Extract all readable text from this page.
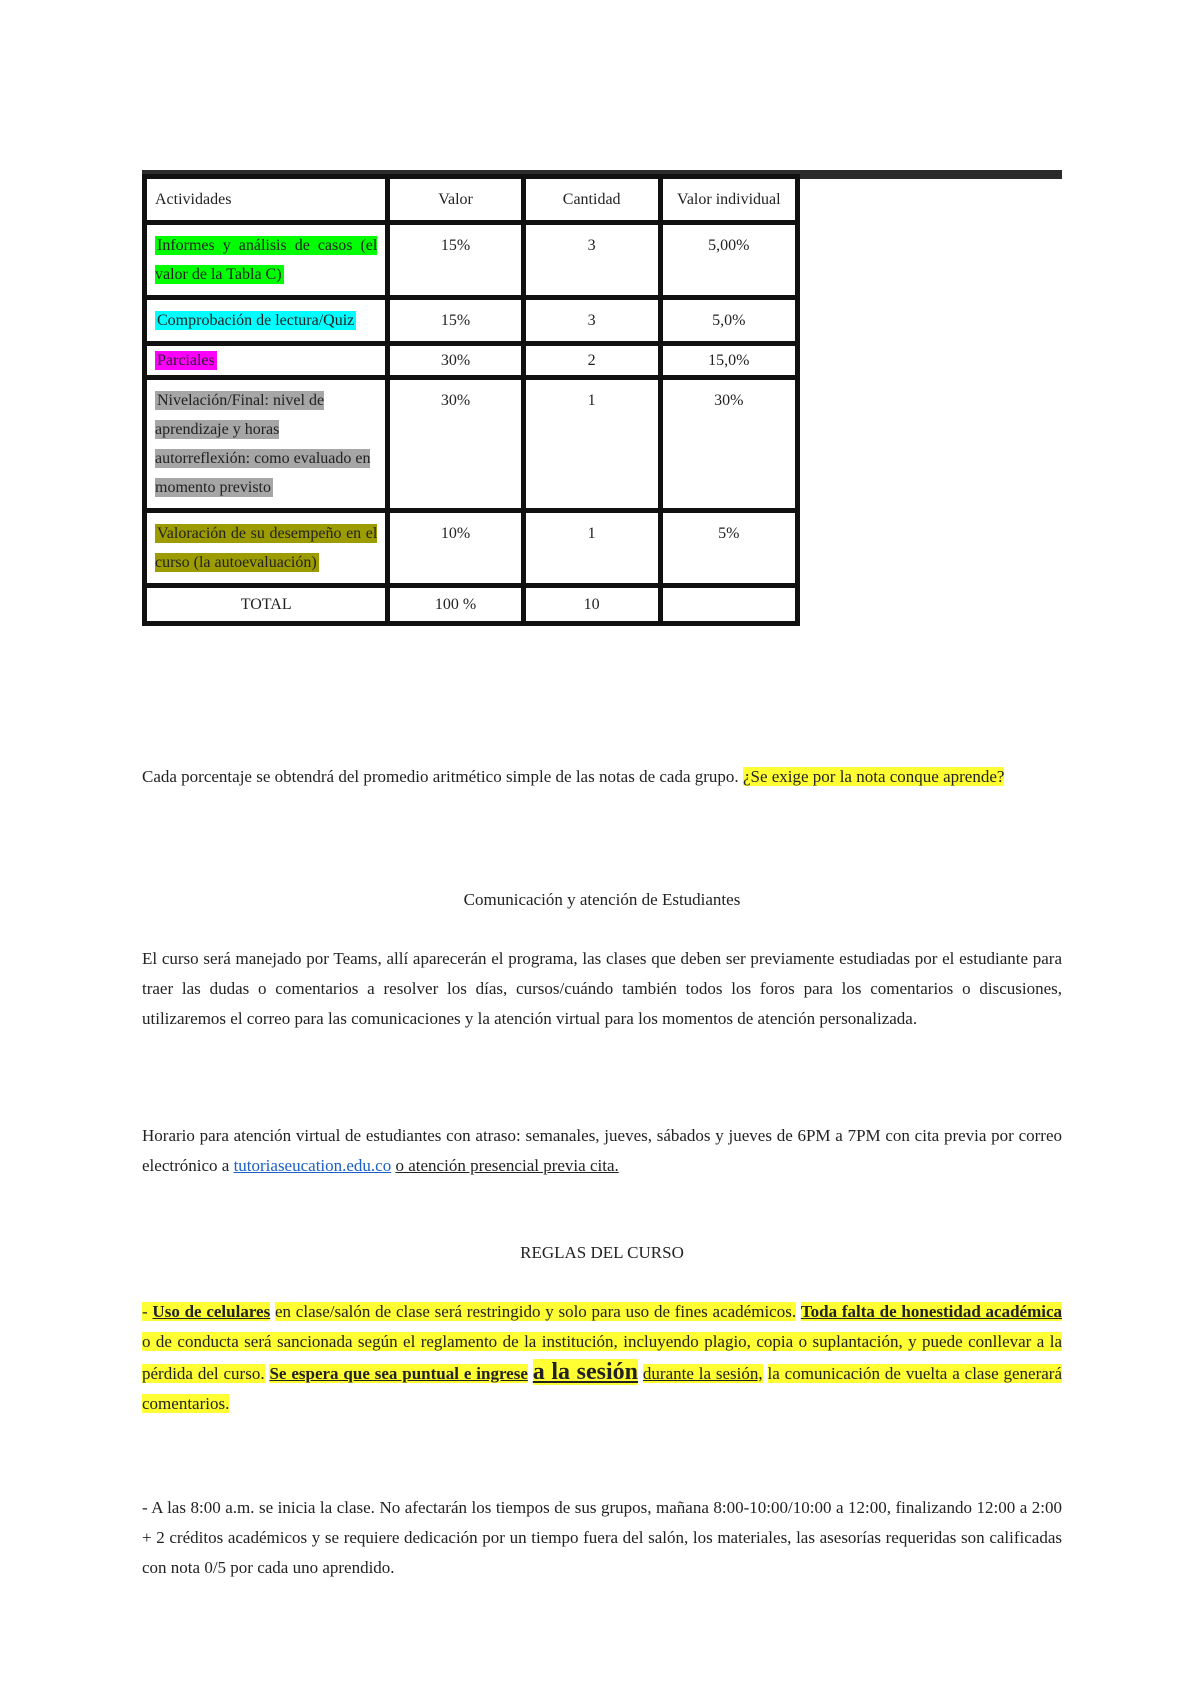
Actividades	Valor	Cantidad	Valor individual
Informes y análisis de casos (el valor de la Tabla C)	15%	3	5,00%
Comprobación de lectura/Quiz	15%	3	5,0%
Parciales	30%	2	15,0%
Nivelación/Final: nivel de aprendizaje y horas autorreflexión: como evaluado en momento previsto	30%	1	30%
Valoración de su desempeño en el curso (la autoevaluación)	10%	1	5%
TOTAL	100 %	10	
Cada porcentaje se obtendrá del promedio aritmético simple de las notas de cada grupo. ¿Se exige por la nota conque aprende?
Comunicación y atención de Estudiantes
El curso será manejado por Teams, allí aparecerán el programa, las clases que deben ser previamente estudiadas por el estudiante para traer las dudas o comentarios a resolver los días, cursos/cuándo también todos los foros para los comentarios o discusiones, utilizaremos el correo para las comunicaciones y la atención virtual para los momentos de atención personalizada.
Horario para atención virtual de estudiantes con atraso: semanales, jueves, sábados y jueves de 6PM a 7PM con cita previa por correo electrónico a tutoriaseucation.edu.co o atención presencial previa cita.
REGLAS DEL CURSO
- Uso de celulares en clase/salón de clase será restringido y solo para uso de fines académicos. Toda falta de honestidad académica o de conducta será sancionada según el reglamento de la institución, incluyendo plagio, copia o suplantación, y puede conllevar a la pérdida del curso. Se espera que sea puntual e ingrese a la sesión durante la sesión, la comunicación de vuelta a clase generará comentarios.
- A las 8:00 a.m. se inicia la clase. No afectarán los tiempos de sus grupos, mañana 8:00-10:00/10:00 a 12:00, finalizando 12:00 a 2:00 + 2 créditos académicos y se requiere dedicación por un tiempo fuera del salón, los materiales, las asesorías requeridas son calificadas con nota 0/5 por cada uno aprendido.
